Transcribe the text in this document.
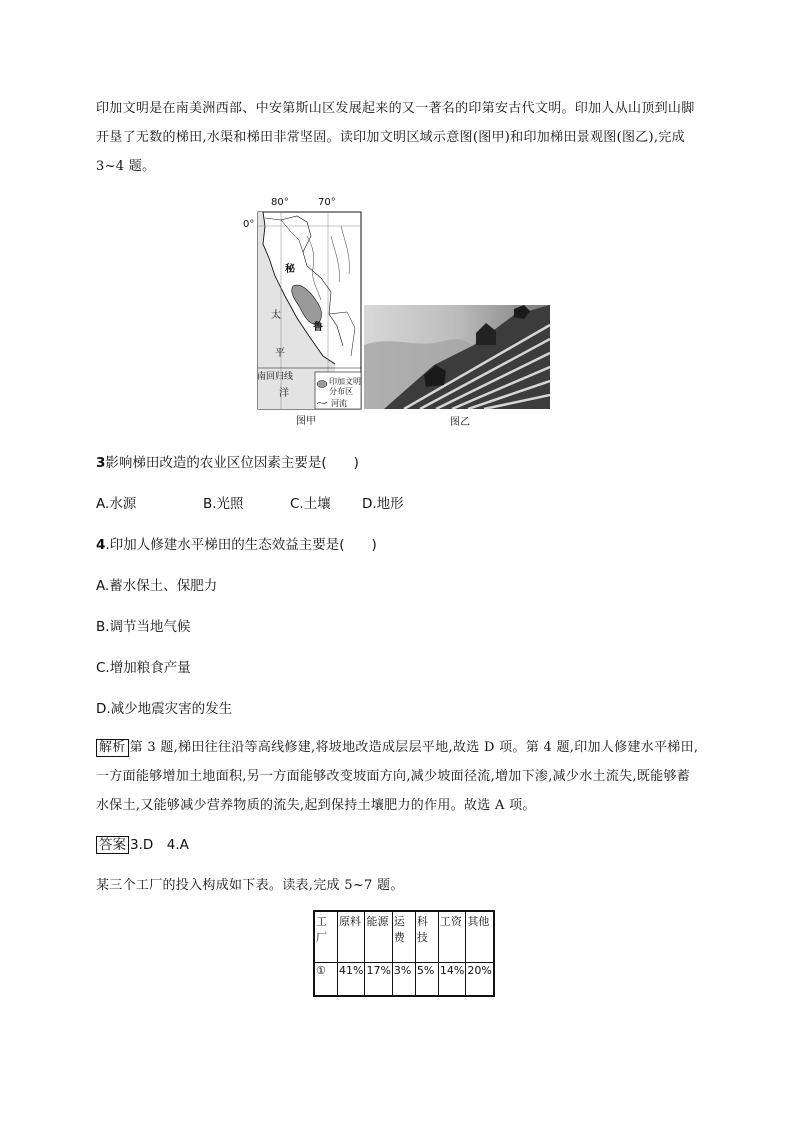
印加文明是在南美洲西部、中安第斯山区发展起来的又一著名的印第安古代文明。印加人从山顶到山脚开垦了无数的梯田,水渠和梯田非常坚固。读印加文明区域示意图(图甲)和印加梯田景观图(图乙),完成 3~4 题。
80°	70°
0°
秘
鲁
太
平
洋
南回归线	印加文明
分布区
河流
图甲	图乙
3影响梯田改造的农业区位因素主要是(　　)
A.水源	B.光照	C.土壤 D.地形
4.印加人修建水平梯田的生态效益主要是(　　)
A.蓄水保土、保肥力
B.调节当地气候
C.增加粮食产量
D.减少地震灾害的发生
解析 第 3 题,梯田往往沿等高线修建,将坡地改造成层层平地,故选 D 项。第 4 题,印加人修建水平梯田,一方面能够增加土地面积,另一方面能够改变坡面方向,减少坡面径流,增加下渗,减少水土流失,既能够蓄水保土,又能够减少营养物质的流失,起到保持土壤肥力的作用。故选 A 项。
答案 3.D　4.A
某三个工厂的投入构成如下表。读表,完成 5~7 题。
工厂	原料	能源	运费	科技	工资	其他
①	41%	17%	3%	5%	14%	20%
